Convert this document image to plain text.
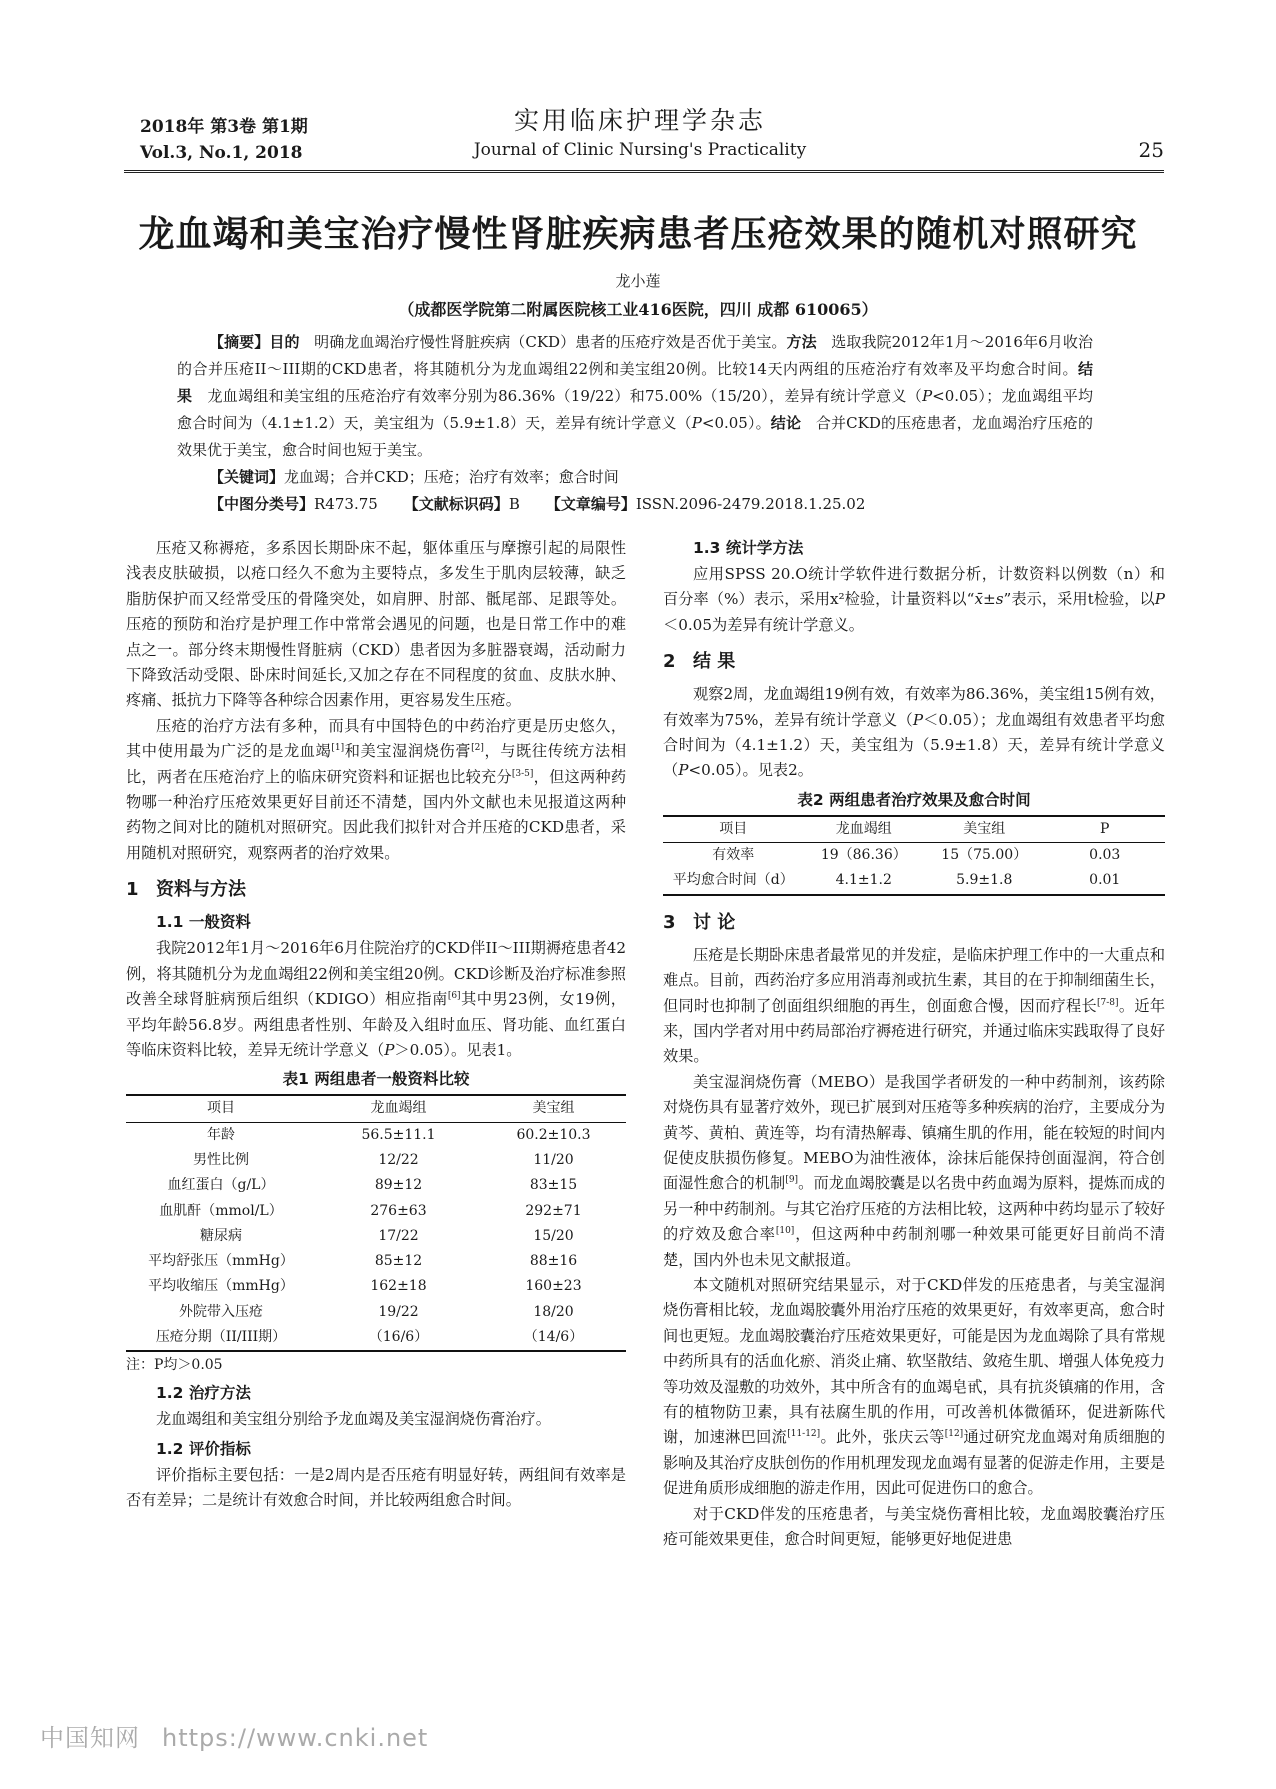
2018年 第3卷 第1期
Vol.3, No.1, 2018
实用临床护理学杂志
Journal of Clinic Nursing's Practicality	25
龙血竭和美宝治疗慢性肾脏疾病患者压疮效果的随机对照研究
龙小莲
（成都医学院第二附属医院核工业416医院，四川 成都 610065）

【摘要】目的 明确龙血竭治疗慢性肾脏疾病（CKD）患者的压疮疗效是否优于美宝。方法 选取我院2012年1月～2016年6月收治的合并压疮II～III期的CKD患者，将其随机分为龙血竭组22例和美宝组20例。比较14天内两组的压疮治疗有效率及平均愈合时间。结果 龙血竭组和美宝组的压疮治疗有效率分别为86.36%（19/22）和75.00%（15/20），差异有统计学意义（P<0.05）；龙血竭组平均愈合时间为（4.1±1.2）天，美宝组为（5.9±1.8）天，差异有统计学意义（P<0.05）。结论 合并CKD的压疮患者，龙血竭治疗压疮的效果优于美宝，愈合时间也短于美宝。

【关键词】龙血竭；合并CKD；压疮；治疗有效率；愈合时间

【中图分类号】R473.75 【文献标识码】B 【文章编号】ISSN.2096-2479.2018.1.25.02

压疮又称褥疮，多系因长期卧床不起，躯体重压与摩擦引起的局限性浅表皮肤破损，以疮口经久不愈为主要特点，多发生于肌肉层较薄，缺乏脂肪保护而又经常受压的骨隆突处，如肩胛、肘部、骶尾部、足跟等处。压疮的预防和治疗是护理工作中常常会遇见的问题，也是日常工作中的难点之一。部分终末期慢性肾脏病（CKD）患者因为多脏器衰竭，活动耐力下降致活动受限、卧床时间延长,又加之存在不同程度的贫血、皮肤水肿、疼痛、抵抗力下降等各种综合因素作用，更容易发生压疮。

压疮的治疗方法有多种，而具有中国特色的中药治疗更是历史悠久，其中使用最为广泛的是龙血竭[1]和美宝湿润烧伤膏[2]，与既往传统方法相比，两者在压疮治疗上的临床研究资料和证据也比较充分[3-5]，但这两种药物哪一种治疗压疮效果更好目前还不清楚，国内外文献也未见报道这两种药物之间对比的随机对照研究。因此我们拟针对合并压疮的CKD患者，采用随机对照研究，观察两者的治疗效果。

1 资料与方法
1.1 一般资料

我院2012年1月～2016年6月住院治疗的CKD伴II～III期褥疮患者42例，将其随机分为龙血竭组22例和美宝组20例。CKD诊断及治疗标准参照改善全球肾脏病预后组织（KDIGO）相应指南[6]其中男23例，女19例，平均年龄56.8岁。两组患者性别、年龄及入组时血压、肾功能、血红蛋白等临床资料比较，差异无统计学意义（P＞0.05）。见表1。

表1 两组患者一般资料比较
项目	龙血竭组	美宝组
年龄	56.5±11.1	60.2±10.3
男性比例	12/22	11/20
血红蛋白（g/L）	89±12	83±15
血肌酐（mmol/L）	276±63	292±71
糖尿病	17/22	15/20
平均舒张压（mmHg）	85±12	88±16
平均收缩压（mmHg）	162±18	160±23
外院带入压疮	19/22	18/20
压疮分期（II/III期）	（16/6）	（14/6）
注：P均＞0.05
1.2 治疗方法

龙血竭组和美宝组分别给予龙血竭及美宝湿润烧伤膏治疗。

1.2 评价指标

评价指标主要包括：一是2周内是否压疮有明显好转，两组间有效率是否有差异；二是统计有效愈合时间，并比较两组愈合时间。

1.3 统计学方法

应用SPSS 20.O统计学软件进行数据分析，计数资料以例数（n）和百分率（%）表示，采用x²检验，计量资料以“x̄±s”表示，采用t检验，以P＜0.05为差异有统计学意义。

2 结 果

观察2周，龙血竭组19例有效，有效率为86.36%，美宝组15例有效，有效率为75%，差异有统计学意义（P＜0.05）；龙血竭组有效患者平均愈合时间为（4.1±1.2）天，美宝组为（5.9±1.8）天，差异有统计学意义（P<0.05）。见表2。

表2 两组患者治疗效果及愈合时间
项目	龙血竭组	美宝组	P
有效率	19（86.36）	15（75.00）	0.03
平均愈合时间（d）	4.1±1.2	5.9±1.8	0.01
3 讨 论

压疮是长期卧床患者最常见的并发症，是临床护理工作中的一大重点和难点。目前，西药治疗多应用消毒剂或抗生素，其目的在于抑制细菌生长，但同时也抑制了创面组织细胞的再生，创面愈合慢，因而疗程长[7-8]。近年来，国内学者对用中药局部治疗褥疮进行研究，并通过临床实践取得了良好效果。

美宝湿润烧伤膏（MEBO）是我国学者研发的一种中药制剂，该药除对烧伤具有显著疗效外，现已扩展到对压疮等多种疾病的治疗，主要成分为黄芩、黄柏、黄连等，均有清热解毒、镇痛生肌的作用，能在较短的时间内促使皮肤损伤修复。MEBO为油性液体，涂抹后能保持创面湿润，符合创面湿性愈合的机制[9]。而龙血竭胶囊是以名贵中药血竭为原料，提炼而成的另一种中药制剂。与其它治疗压疮的方法相比较，这两种中药均显示了较好的疗效及愈合率[10]，但这两种中药制剂哪一种效果可能更好目前尚不清楚，国内外也未见文献报道。

本文随机对照研究结果显示，对于CKD伴发的压疮患者，与美宝湿润烧伤膏相比较，龙血竭胶囊外用治疗压疮的效果更好，有效率更高，愈合时间也更短。龙血竭胶囊治疗压疮效果更好，可能是因为龙血竭除了具有常规中药所具有的活血化瘀、消炎止痛、软坚散结、敛疮生肌、增强人体免疫力等功效及湿敷的功效外，其中所含有的血竭皂甙，具有抗炎镇痛的作用，含有的植物防卫素，具有祛腐生肌的作用，可改善机体微循环，促进新陈代谢，加速淋巴回流[11-12]。此外，张庆云等[12]通过研究龙血竭对角质细胞的影响及其治疗皮肤创伤的作用机理发现龙血竭有显著的促游走作用，主要是促进角质形成细胞的游走作用，因此可促进伤口的愈合。

对于CKD伴发的压疮患者，与美宝烧伤膏相比较，龙血竭胶囊治疗压疮可能效果更佳，愈合时间更短，能够更好地促进患

中国知网 https://www.cnki.net
